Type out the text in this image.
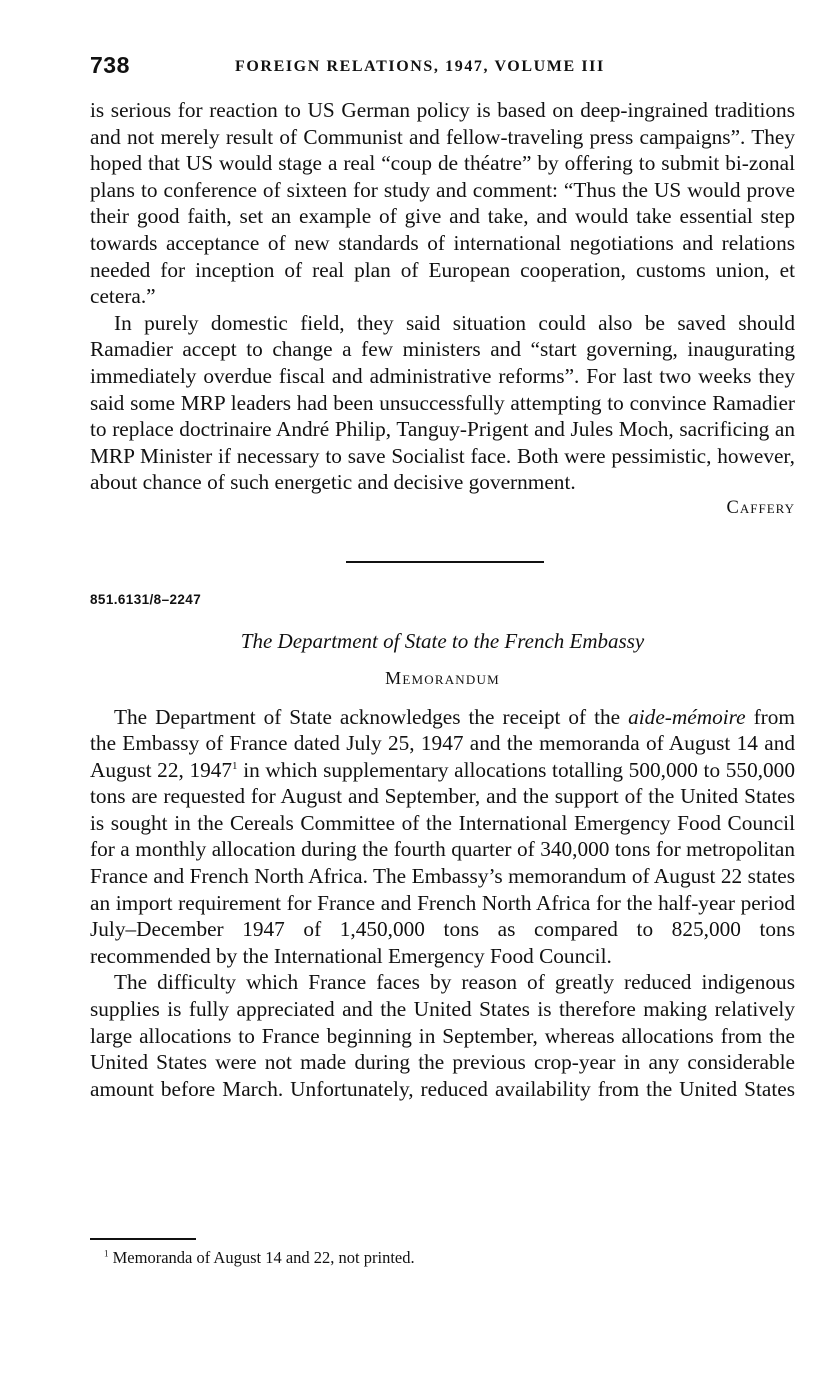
738	FOREIGN RELATIONS, 1947, VOLUME III

is serious for reaction to US German policy is based on deep-ingrained traditions and not merely result of Communist and fellow-traveling press campaigns”. They hoped that US would stage a real “coup de théatre” by offering to submit bi-zonal plans to conference of sixteen for study and comment: “Thus the US would prove their good faith, set an example of give and take, and would take essential step towards acceptance of new standards of international negotiations and relations needed for inception of real plan of European cooperation, customs union, et cetera.”

In purely domestic field, they said situation could also be saved should Ramadier accept to change a few ministers and “start governing, inaugurating immediately overdue fiscal and administrative reforms”. For last two weeks they said some MRP leaders had been unsuccessfully attempting to convince Ramadier to replace doctrinaire André Philip, Tanguy-Prigent and Jules Moch, sacrificing an MRP Minister if necessary to save Socialist face. Both were pessimistic, however, about chance of such energetic and decisive government.

Caffery
851.6131/8–2247
The Department of State to the French Embassy
Memorandum

The Department of State acknowledges the receipt of the aide-mémoire from the Embassy of France dated July 25, 1947 and the memoranda of August 14 and August 22, 1947$^1$ in which supplementary allocations totalling 500,000 to 550,000 tons are requested for August and September, and the support of the United States is sought in the Cereals Committee of the International Emergency Food Council for a monthly allocation during the fourth quarter of 340,000 tons for metropolitan France and French North Africa. The Embassy’s memorandum of August 22 states an import requirement for France and French North Africa for the half-year period July–December 1947 of 1,450,000 tons as compared to 825,000 tons recommended by the International Emergency Food Council.

The difficulty which France faces by reason of greatly reduced indigenous supplies is fully appreciated and the United States is therefore making relatively large allocations to France beginning in September, whereas allocations from the United States were not made during the previous crop-year in any considerable amount before March. Unfortunately, reduced availability from the United States

$^1$ Memoranda of August 14 and 22, not printed.
